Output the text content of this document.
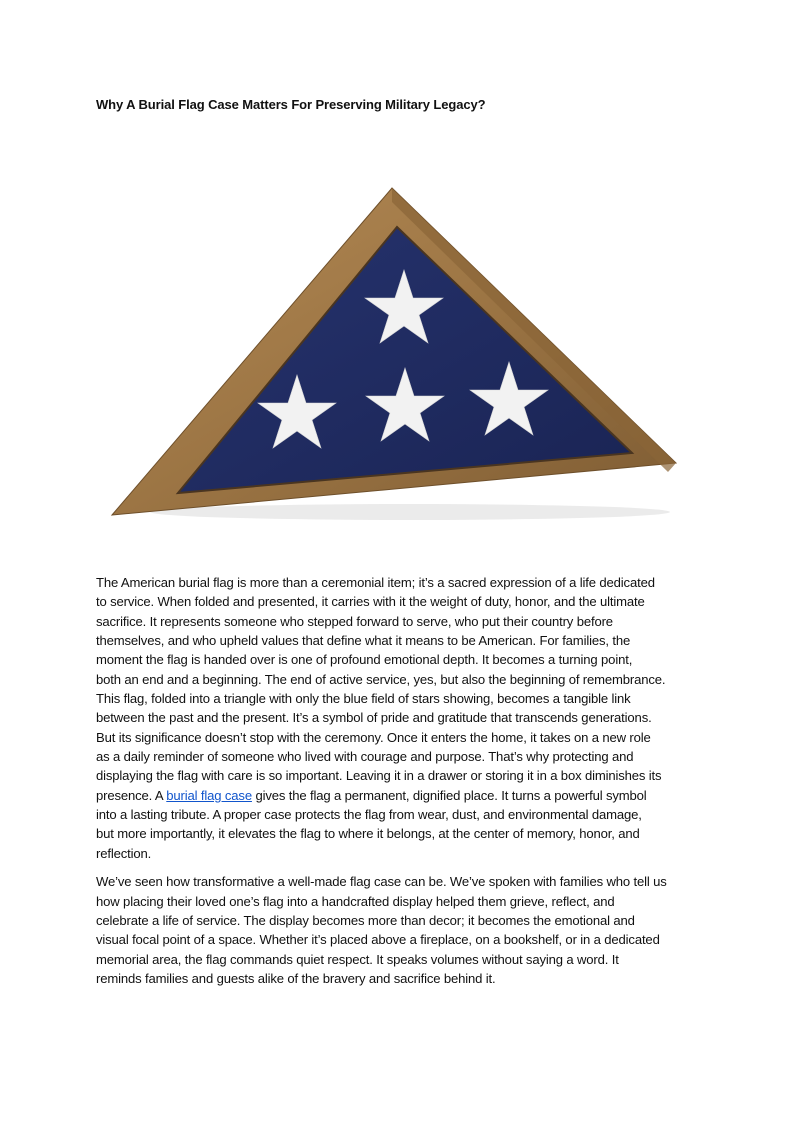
Why A Burial Flag Case Matters For Preserving Military Legacy?

The American burial flag is more than a ceremonial item; it’s a sacred expression of a life dedicated
to service. When folded and presented, it carries with it the weight of duty, honor, and the ultimate
sacrifice. It represents someone who stepped forward to serve, who put their country before
themselves, and who upheld values that define what it means to be American. For families, the
moment the flag is handed over is one of profound emotional depth. It becomes a turning point,
both an end and a beginning. The end of active service, yes, but also the beginning of remembrance.
This flag, folded into a triangle with only the blue field of stars showing, becomes a tangible link
between the past and the present. It’s a symbol of pride and gratitude that transcends generations.
But its significance doesn’t stop with the ceremony. Once it enters the home, it takes on a new role
as a daily reminder of someone who lived with courage and purpose. That’s why protecting and
displaying the flag with care is so important. Leaving it in a drawer or storing it in a box diminishes its
presence. A burial flag case gives the flag a permanent, dignified place. It turns a powerful symbol
into a lasting tribute. A proper case protects the flag from wear, dust, and environmental damage,
but more importantly, it elevates the flag to where it belongs, at the center of memory, honor, and
reflection.

We’ve seen how transformative a well-made flag case can be. We’ve spoken with families who tell us
how placing their loved one’s flag into a handcrafted display helped them grieve, reflect, and
celebrate a life of service. The display becomes more than decor; it becomes the emotional and
visual focal point of a space. Whether it’s placed above a fireplace, on a bookshelf, or in a dedicated
memorial area, the flag commands quiet respect. It speaks volumes without saying a word. It
reminds families and guests alike of the bravery and sacrifice behind it.
